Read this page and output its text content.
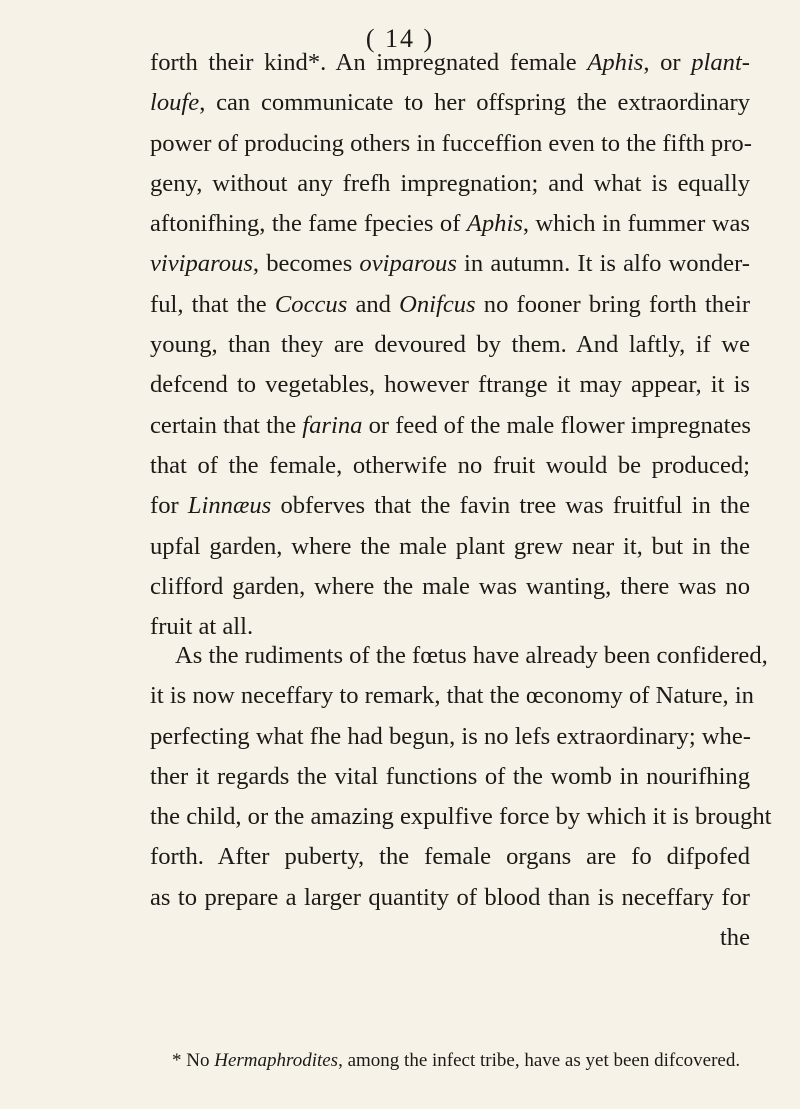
( 14 )
forth their kind*. An impregnated female Aphis, or plant-
loufe, can communicate to her offspring the extraordinary
power of producing others in fucceffion even to the fifth pro-
geny, without any frefh impregnation; and what is equally
aftonifhing, the fame fpecies of Aphis, which in fummer was
viviparous, becomes oviparous in autumn. It is alfo wonder-
ful, that the Coccus and Onifcus no fooner bring forth their
young, than they are devoured by them. And laftly, if we
defcend to vegetables, however ftrange it may appear, it is
certain that the farina or feed of the male flower impregnates
that of the female, otherwife no fruit would be produced;
for Linnæus obferves that the favin tree was fruitful in the
upfal garden, where the male plant grew near it, but in the
clifford garden, where the male was wanting, there was no
fruit at all.
As the rudiments of the fœtus have already been confidered,
it is now neceffary to remark, that the œconomy of Nature, in
perfecting what fhe had begun, is no lefs extraordinary; whe-
ther it regards the vital functions of the womb in nourifhing
the child, or the amazing expulfive force by which it is brought
forth. After puberty, the female organs are fo difpofed
as to prepare a larger quantity of blood than is neceffary for
the
* No Hermaphrodites, among the infect tribe, have as yet been difcovered.
